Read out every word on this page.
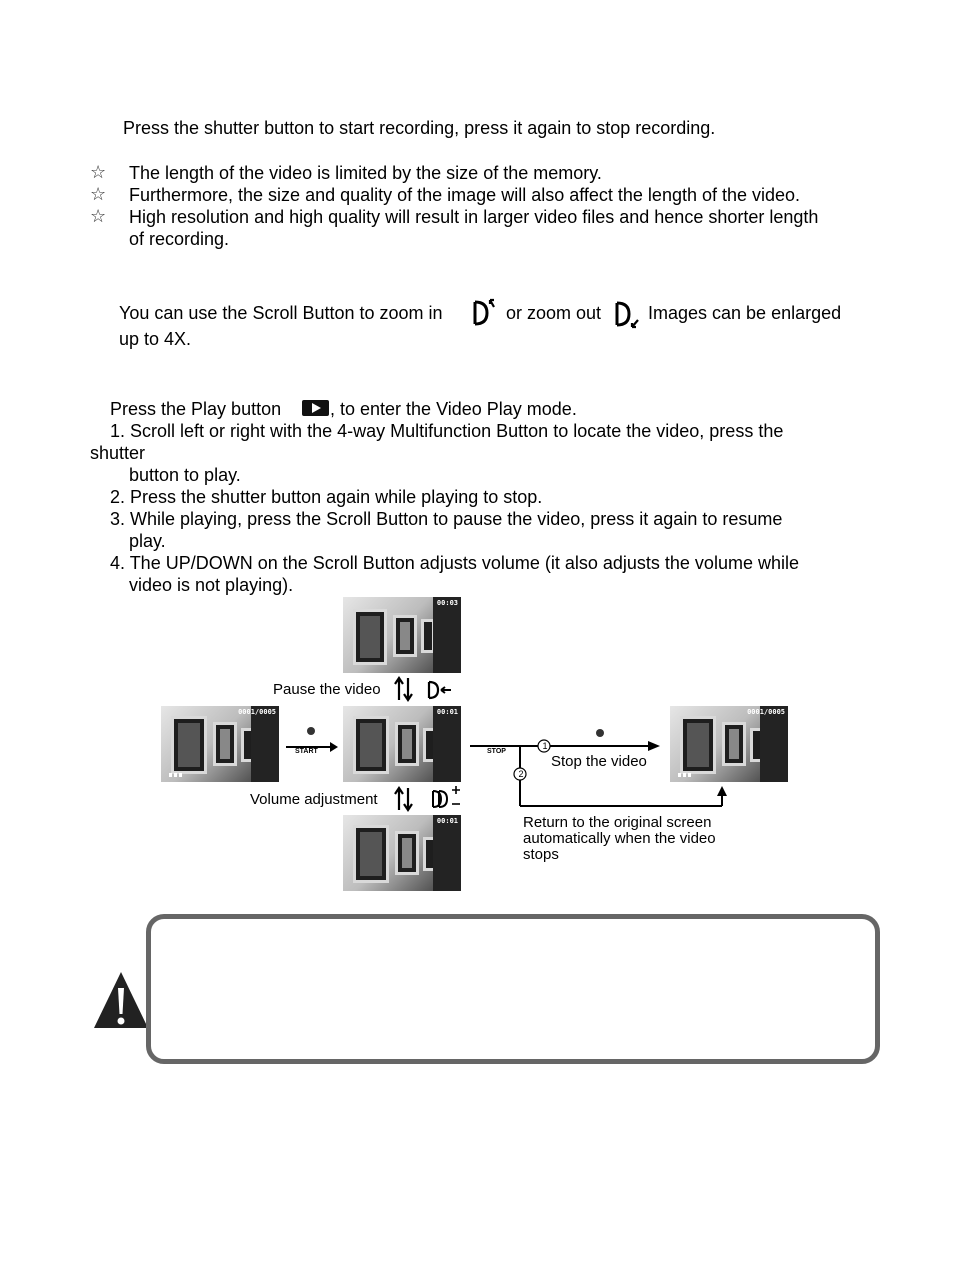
Press the shutter button to start recording, press it again to stop recording.
☆ The length of the video is limited by the size of the memory.
☆ Furthermore, the size and quality of the image will also affect the length of the video.
☆ High resolution and high quality will result in larger video files and hence shorter length
of recording.
You can use the Scroll Button to zoom in	or zoom out	Images can be enlarged
up to 4X.
Press the Play button	, to enter the Video Play mode.
1. Scroll left or right with the 4-way Multifunction Button to locate the video, press the
shutter
button to play.
2. Press the shutter button again while playing to stop.
3. While playing, press the Scroll Button to pause the video, press it again to resume
play.
4. The UP/DOWN on the Scroll Button adjusts volume (it also adjusts the volume while
video is not playing).
00:03
0001/0005	00:01	0001/0005
00:01
Pause the video
Volume adjustment
START	STOP
1
2
Stop the video
Return to the original screen
automatically when the video
stops
